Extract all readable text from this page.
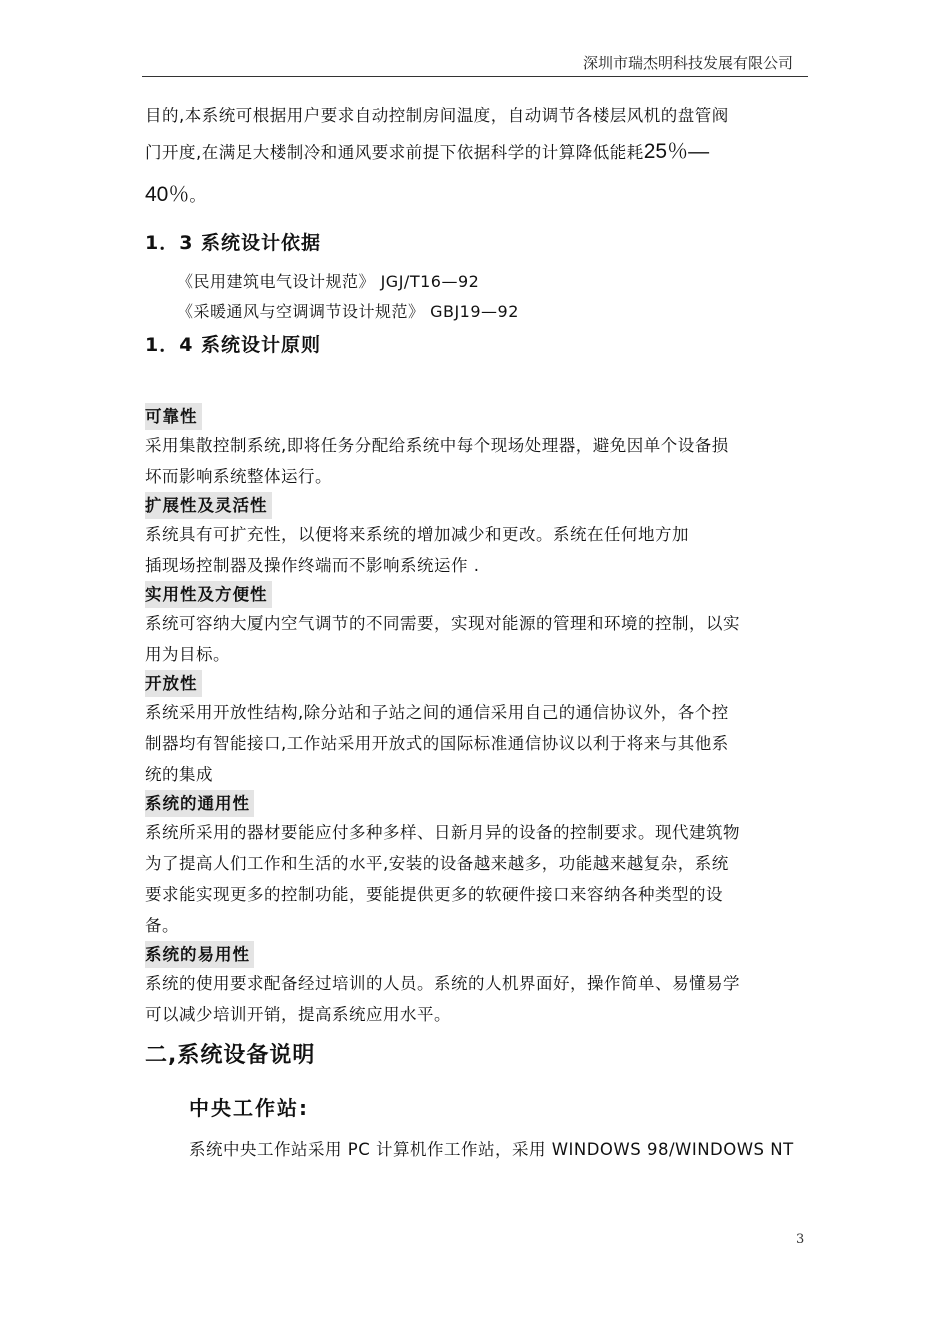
深圳市瑞杰明科技发展有限公司

目的,本系统可根据用户要求自动控制房间温度，自动调节各楼层风机的盘管阀

门开度,在满足大楼制冷和通风要求前提下依据科学的计算降低能耗25％—

40％。

1．3 系统设计依据

《民用建筑电气设计规范》 JGJ/T16—92

《采暖通风与空调调节设计规范》 GBJ19—92

1．4 系统设计原则
可靠性

采用集散控制系统,即将任务分配给系统中每个现场处理器，避免因单个设备损

坏而影响系统整体运行。

扩展性及灵活性

系统具有可扩充性，以便将来系统的增加减少和更改。系统在任何地方加

插现场控制器及操作终端而不影响系统运作 .

实用性及方便性

系统可容纳大厦内空气调节的不同需要，实现对能源的管理和环境的控制，以实

用为目标。

开放性

系统采用开放性结构,除分站和子站之间的通信采用自己的通信协议外，各个控

制器均有智能接口,工作站采用开放式的国际标准通信协议以利于将来与其他系

统的集成

系统的通用性

系统所采用的器材要能应付多种多样、日新月异的设备的控制要求。现代建筑物

为了提高人们工作和生活的水平,安装的设备越来越多，功能越来越复杂，系统

要求能实现更多的控制功能，要能提供更多的软硬件接口来容纳各种类型的设

备。

系统的易用性

系统的使用要求配备经过培训的人员。系统的人机界面好，操作简单、易懂易学

可以减少培训开销，提高系统应用水平。

二,系统设备说明
中央工作站:

系统中央工作站采用 PC 计算机作工作站，采用 WINDOWS 98/WINDOWS NT

3
